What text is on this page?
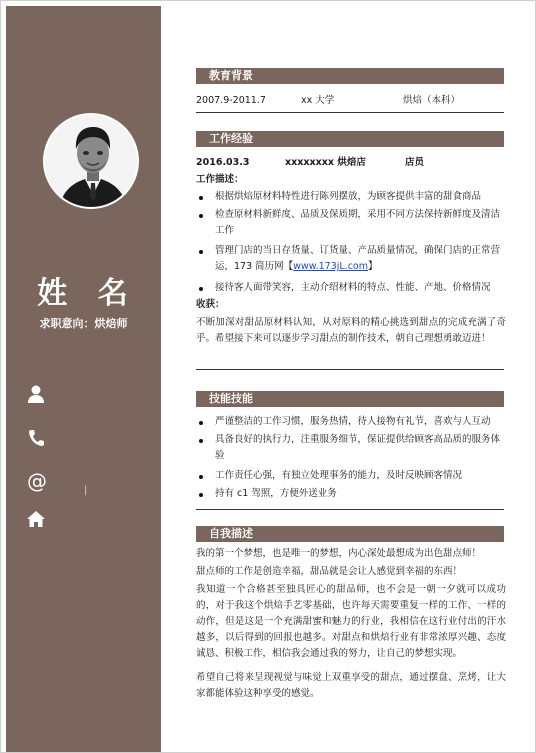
姓 名
求职意向：烘焙师
@	|
教育背景
2007.9-2011.7	xx 大学	烘焙（本科）
工作经验
2016.03.3	xxxxxxxx 烘焙店	店员
工作描述：
根据烘焙原材料特性进行陈列摆放，为顾客提供丰富的甜食商品
检查原材料新鲜度、品质及保质期，采用不同方法保持新鲜度及清洁工作
管理门店的当日存货量、订货量、产品质量情况，确保门店的正常营运，173 简历网【www.173jL.com】
接待客人面带笑容，主动介绍材料的特点、性能、产地、价格情况
收获：
不断加深对甜品原材料认知，从对原料的精心挑选到甜点的完成充满了奇乎。希望接下来可以逐步学习甜点的制作技术，朝自己理想勇敢迈进！
技能技能
严谨整洁的工作习惯，服务热情，待人接物有礼节，喜欢与人互动
具备良好的执行力，注重服务细节，保证提供给顾客高品质的服务体验
工作责任心强，有独立处理事务的能力，及时反映顾客情况
持有 c1 驾照，方便外送业务
自我描述
我的第一个梦想，也是唯一的梦想，内心深处最想成为出色甜点师！
甜点师的工作是创造幸福，甜品就是会让人感觉到幸福的东西！
我知道一个合格甚至独具匠心的甜品师，也不会是一朝一夕就可以成功的，对于我这个烘焙手艺零基础，也许每天需要重复一样的工作、一样的动作，但是这是一个充满甜蜜和魅力的行业，我相信在这行业付出的汗水越多，以后得到的回报也越多。对甜点和烘焙行业有非常浓厚兴趣、态度诚恳、积极工作，相信我会通过我的努力，让自己的梦想实现。
希望自己将来呈现视觉与味觉上双重享受的甜点，通过摆盘、烹烤，让大家都能体验这种享受的感觉。
